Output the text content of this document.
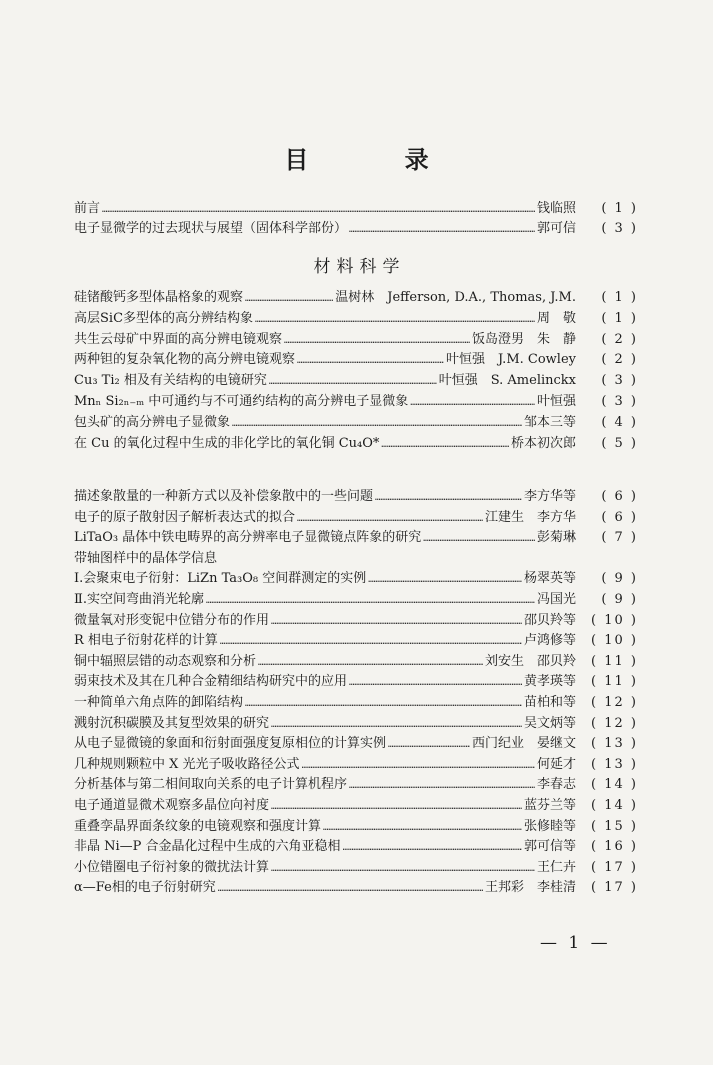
目 录
前言 ……………………………………………………………………………………………………………………………………………………………………………………………………………………	钱临照	( 1 )
电子显微学的过去现状与展望（固体科学部份） ……………………………………………………………………………………………………………………………………………………………………………………………………………………	郭可信	( 3 )
材料科学
硅锗酸钙多型体晶格象的观察 ……………………………………………………………………………………………………………………………………………………………………………………………………………………	温树林　Jefferson, D.A., Thomas, J.M.	( 1 )
高层SiC多型体的高分辨结构象 ……………………………………………………………………………………………………………………………………………………………………………………………………………………	周　敬	( 1 )
共生云母矿中界面的高分辨电镜观察 ……………………………………………………………………………………………………………………………………………………………………………………………………………………	饭岛澄男　朱　静	( 2 )
两种钽的复杂氧化物的高分辨电镜观察 ……………………………………………………………………………………………………………………………………………………………………………………………………………………	叶恒强　J.M. Cowley	( 2 )
Cu₃ Ti₂ 相及有关结构的电镜研究 ……………………………………………………………………………………………………………………………………………………………………………………………………………………	叶恒强　S. Amelinckx	( 3 )
Mnₙ Si₂ₙ₋ₘ 中可通约与不可通约结构的高分辨电子显微象 ……………………………………………………………………………………………………………………………………………………………………………………………………………………	叶恒强	( 3 )
包头矿的高分辨电子显微象 ……………………………………………………………………………………………………………………………………………………………………………………………………………………	邹本三等	( 4 )
在 Cu 的氧化过程中生成的非化学比的氧化铜 Cu₄O* ……………………………………………………………………………………………………………………………………………………………………………………………………………………	桥本初次郎	( 5 )
描述象散量的一种新方式以及补偿象散中的一些问题 ……………………………………………………………………………………………………………………………………………………………………………………………………………………	李方华等	( 6 )
电子的原子散射因子解析表达式的拟合 ……………………………………………………………………………………………………………………………………………………………………………………………………………………	江建生　李方华	( 6 )
LiTaO₃ 晶体中铁电畴界的高分辨率电子显微镜点阵象的研究 ……………………………………………………………………………………………………………………………………………………………………………………………………………………	彭菊琳	( 7 )
带轴图样中的晶体学信息
Ⅰ.会聚束电子衍射：LiZn Ta₃O₈ 空间群测定的实例 ……………………………………………………………………………………………………………………………………………………………………………………………………………………	杨翠英等	( 9 )
Ⅱ.实空间弯曲消光轮廓 ……………………………………………………………………………………………………………………………………………………………………………………………………………………	冯国光	( 9 )
微量氧对形变铌中位错分布的作用 ……………………………………………………………………………………………………………………………………………………………………………………………………………………	邵贝羚等	( 10 )
R 相电子衍射花样的计算 ……………………………………………………………………………………………………………………………………………………………………………………………………………………	卢鸿修等	( 10 )
铜中辐照层错的动态观察和分析 ……………………………………………………………………………………………………………………………………………………………………………………………………………………	刘安生　邵贝羚	( 11 )
弱束技术及其在几种合金精细结构研究中的应用 ……………………………………………………………………………………………………………………………………………………………………………………………………………………	黄孝瑛等	( 11 )
一种简单六角点阵的卸陷结构 ……………………………………………………………………………………………………………………………………………………………………………………………………………………	苗柏和等	( 12 )
溅射沉积碳膜及其复型效果的研究 ……………………………………………………………………………………………………………………………………………………………………………………………………………………	吴文炳等	( 12 )
从电子显微镜的象面和衍射面强度复原相位的计算实例 ……………………………………………………………………………………………………………………………………………………………………………………………………………………	西门纪业　晏继文	( 13 )
几种规则颗粒中 X 光光子吸收路径公式 ……………………………………………………………………………………………………………………………………………………………………………………………………………………	何延才	( 13 )
分析基体与第二相间取向关系的电子计算机程序 ……………………………………………………………………………………………………………………………………………………………………………………………………………………	李春志	( 14 )
电子通道显微术观察多晶位向衬度 ……………………………………………………………………………………………………………………………………………………………………………………………………………………	蓝芬兰等	( 14 )
重叠孪晶界面条纹象的电镜观察和强度计算 ……………………………………………………………………………………………………………………………………………………………………………………………………………………	张修睦等	( 15 )
非晶 Ni—P 合金晶化过程中生成的六角亚稳相 ……………………………………………………………………………………………………………………………………………………………………………………………………………………	郭可信等	( 16 )
小位错圈电子衍衬象的微扰法计算 ……………………………………………………………………………………………………………………………………………………………………………………………………………………	王仁卉	( 17 )
α—Fe相的电子衍射研究 ……………………………………………………………………………………………………………………………………………………………………………………………………………………	王邦彩　李桂清	( 17 )
— 1 —
